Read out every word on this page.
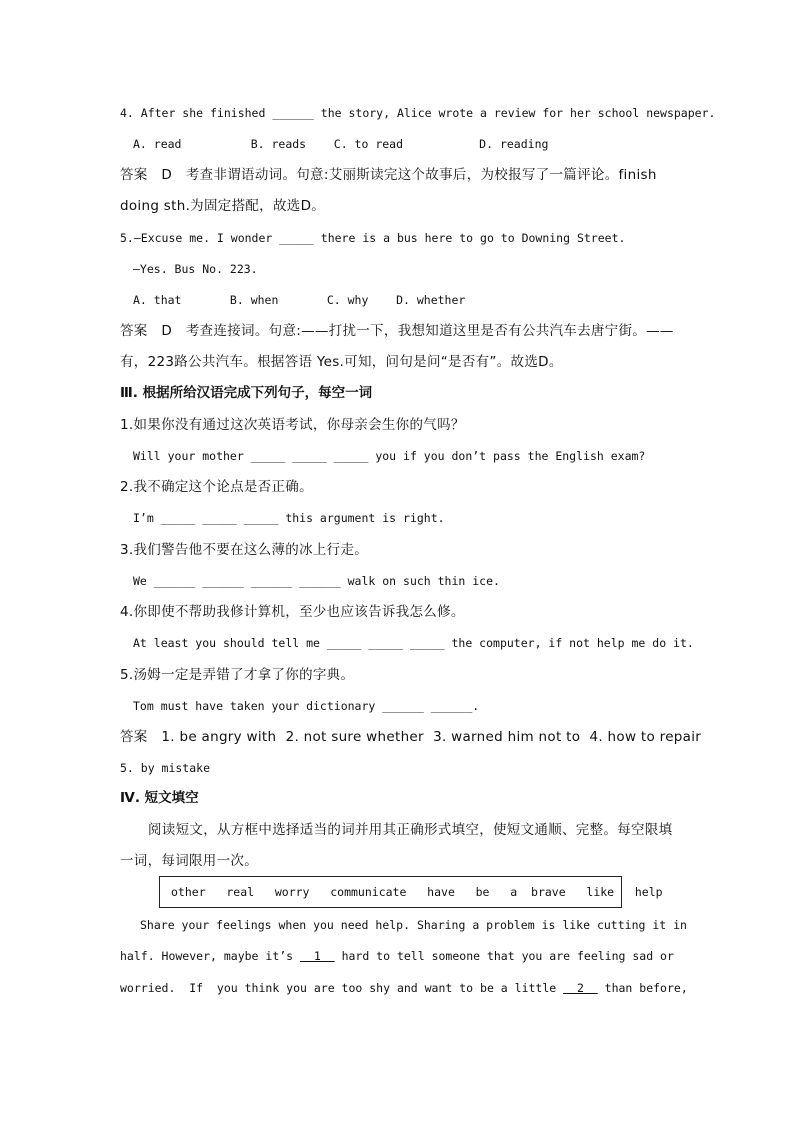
4. After she finished ______ the story, Alice wrote a review for her school newspaper.
A. read          B. reads    C. to read           D. reading
答案   D   考查非谓语动词。句意:艾丽斯读完这个故事后，为校报写了一篇评论。finish
doing sth.为固定搭配，故选D。
5.—Excuse me. I wonder _____ there is a bus here to go to Downing Street.
—Yes. Bus No. 223.
A. that       B. when       C. why    D. whether
答案   D   考查连接词。句意:——打扰一下，我想知道这里是否有公共汽车去唐宁街。——
有，223路公共汽车。根据答语 Yes.可知，问句是问“是否有”。故选D。
Ⅲ. 根据所给汉语完成下列句子，每空一词
1.如果你没有通过这次英语考试，你母亲会生你的气吗？
Will your mother _____ _____ _____ you if you don’t pass the English exam?
2.我不确定这个论点是否正确。
I’m _____ _____ _____ this argument is right.
3.我们警告他不要在这么薄的冰上行走。
We ______ ______ ______ ______ walk on such thin ice.
4.你即使不帮助我修计算机，至少也应该告诉我怎么修。
At least you should tell me _____ _____ _____ the computer, if not help me do it.
5.汤姆一定是弄错了才拿了你的字典。
Tom must have taken your dictionary ______ ______.
答案   1. be angry with  2. not sure whether  3. warned him not to  4. how to repair
5. by mistake
Ⅳ. 短文填空
阅读短文，从方框中选择适当的词并用其正确形式填空，使短文通顺、完整。每空限填
一词，每词限用一次。
other   real   worry   communicate   have   be   a  brave   like   help
Share your feelings when you need help. Sharing a problem is like cutting it in
half. However, maybe it’s   1   hard to tell someone that you are feeling sad or
worried.  If  you think you are too shy and want to be a little   2   than before,
